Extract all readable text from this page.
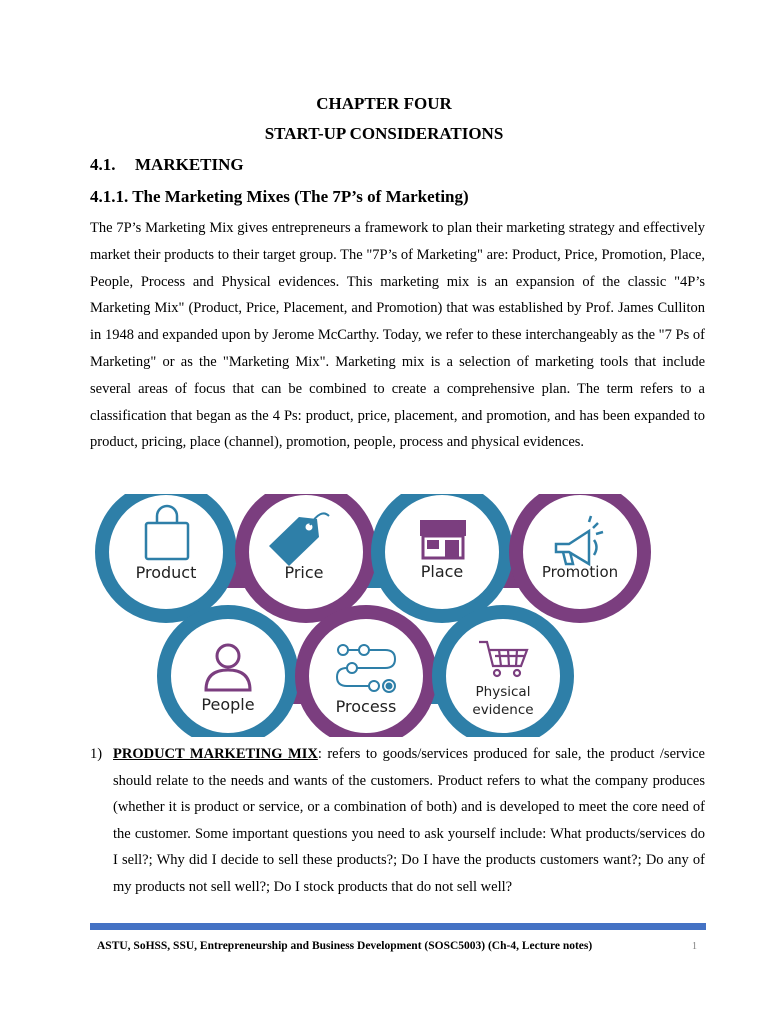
CHAPTER FOUR
START-UP CONSIDERATIONS
4.1. MARKETING
4.1.1. The Marketing Mixes (The 7P’s of Marketing)
The 7P’s Marketing Mix gives entrepreneurs a framework to plan their marketing strategy and effectively market their products to their target group. The "7P’s of Marketing" are: Product, Price, Promotion, Place, People, Process and Physical evidences. This marketing mix is an expansion of the classic "4P’s Marketing Mix" (Product, Price, Placement, and Promotion) that was established by Prof. James Culliton in 1948 and expanded upon by Jerome McCarthy. Today, we refer to these interchangeably as the "7 Ps of Marketing" or as the "Marketing Mix". Marketing mix is a selection of marketing tools that include several areas of focus that can be combined to create a comprehensive plan. The term refers to a classification that began as the 4 Ps: product, price, placement, and promotion, and has been expanded to product, pricing, place (channel), promotion, people, process and physical evidences.
Product	Price	Place	Promotion
People	Process
Physical
evidence
1) PRODUCT MARKETING MIX: refers to goods/services produced for sale, the product /service should relate to the needs and wants of the customers. Product refers to what the company produces (whether it is product or service, or a combination of both) and is developed to meet the core need of the customer. Some important questions you need to ask yourself include: What products/services do I sell?; Why did I decide to sell these products?; Do I have the products customers want?; Do any of my products not sell well?; Do I stock products that do not sell well?
ASTU, SoHSS, SSU, Entrepreneurship and Business Development (SOSC5003) (Ch-4, Lecture notes)	1
